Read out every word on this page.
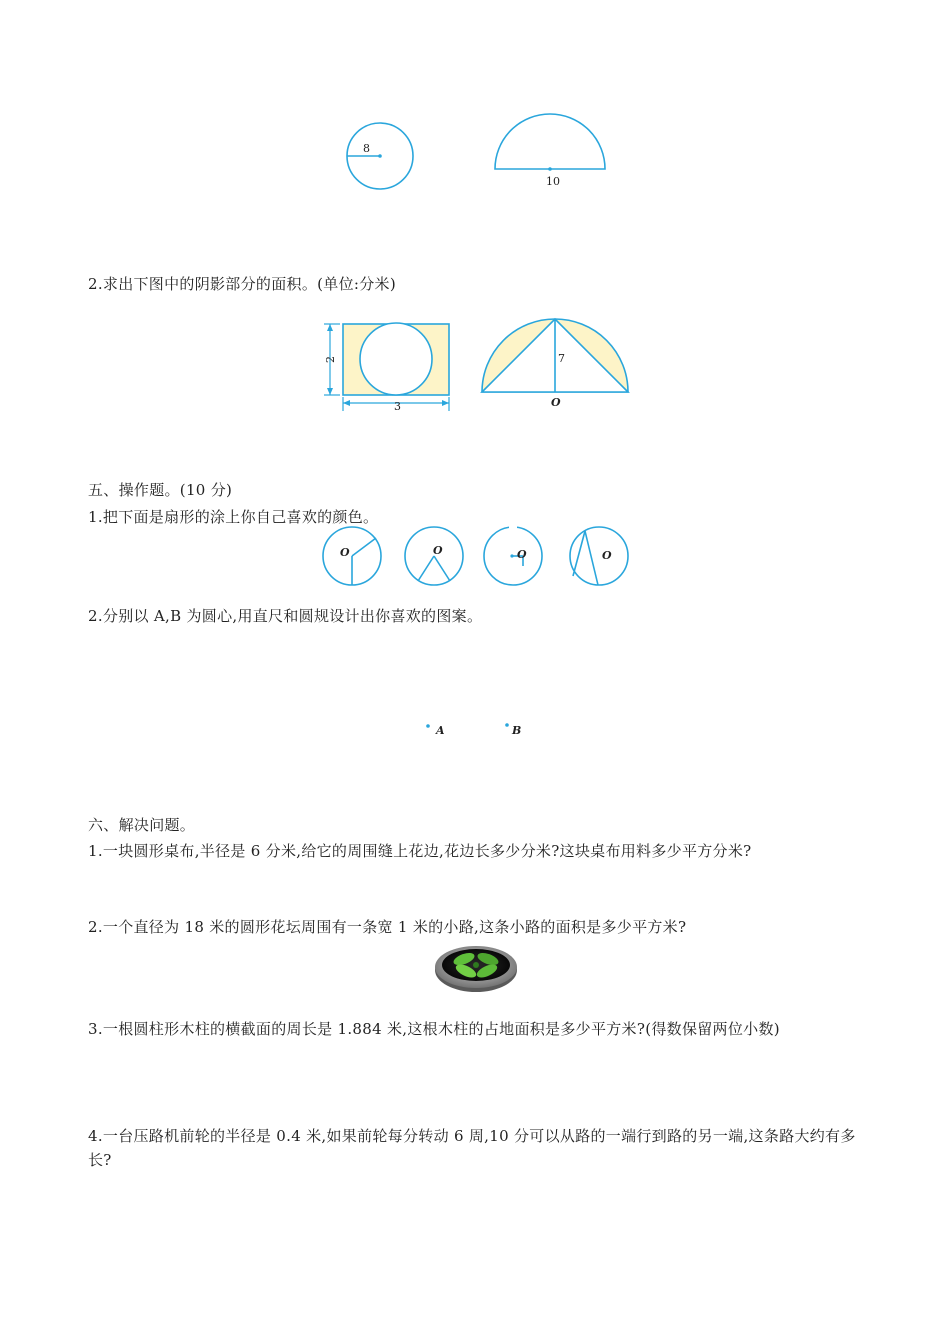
8
10
2.求出下图中的阴影部分的面积。(单位:分米)
2
3
7
O
五、操作题。(10 分)
1.把下面是扇形的涂上你自己喜欢的颜色。
O	O	O	O
2.分别以 A,B 为圆心,用直尺和圆规设计出你喜欢的图案。
A	B
六、解决问题。
1.一块圆形桌布,半径是 6 分米,给它的周围缝上花边,花边长多少分米?这块桌布用料多少平方分米?
2.一个直径为 18 米的圆形花坛周围有一条宽 1 米的小路,这条小路的面积是多少平方米?
3.一根圆柱形木柱的横截面的周长是 1.884 米,这根木柱的占地面积是多少平方米?(得数保留两位小数)
4.一台压路机前轮的半径是 0.4 米,如果前轮每分转动 6 周,10 分可以从路的一端行到路的另一端,这条路大约有多长?
